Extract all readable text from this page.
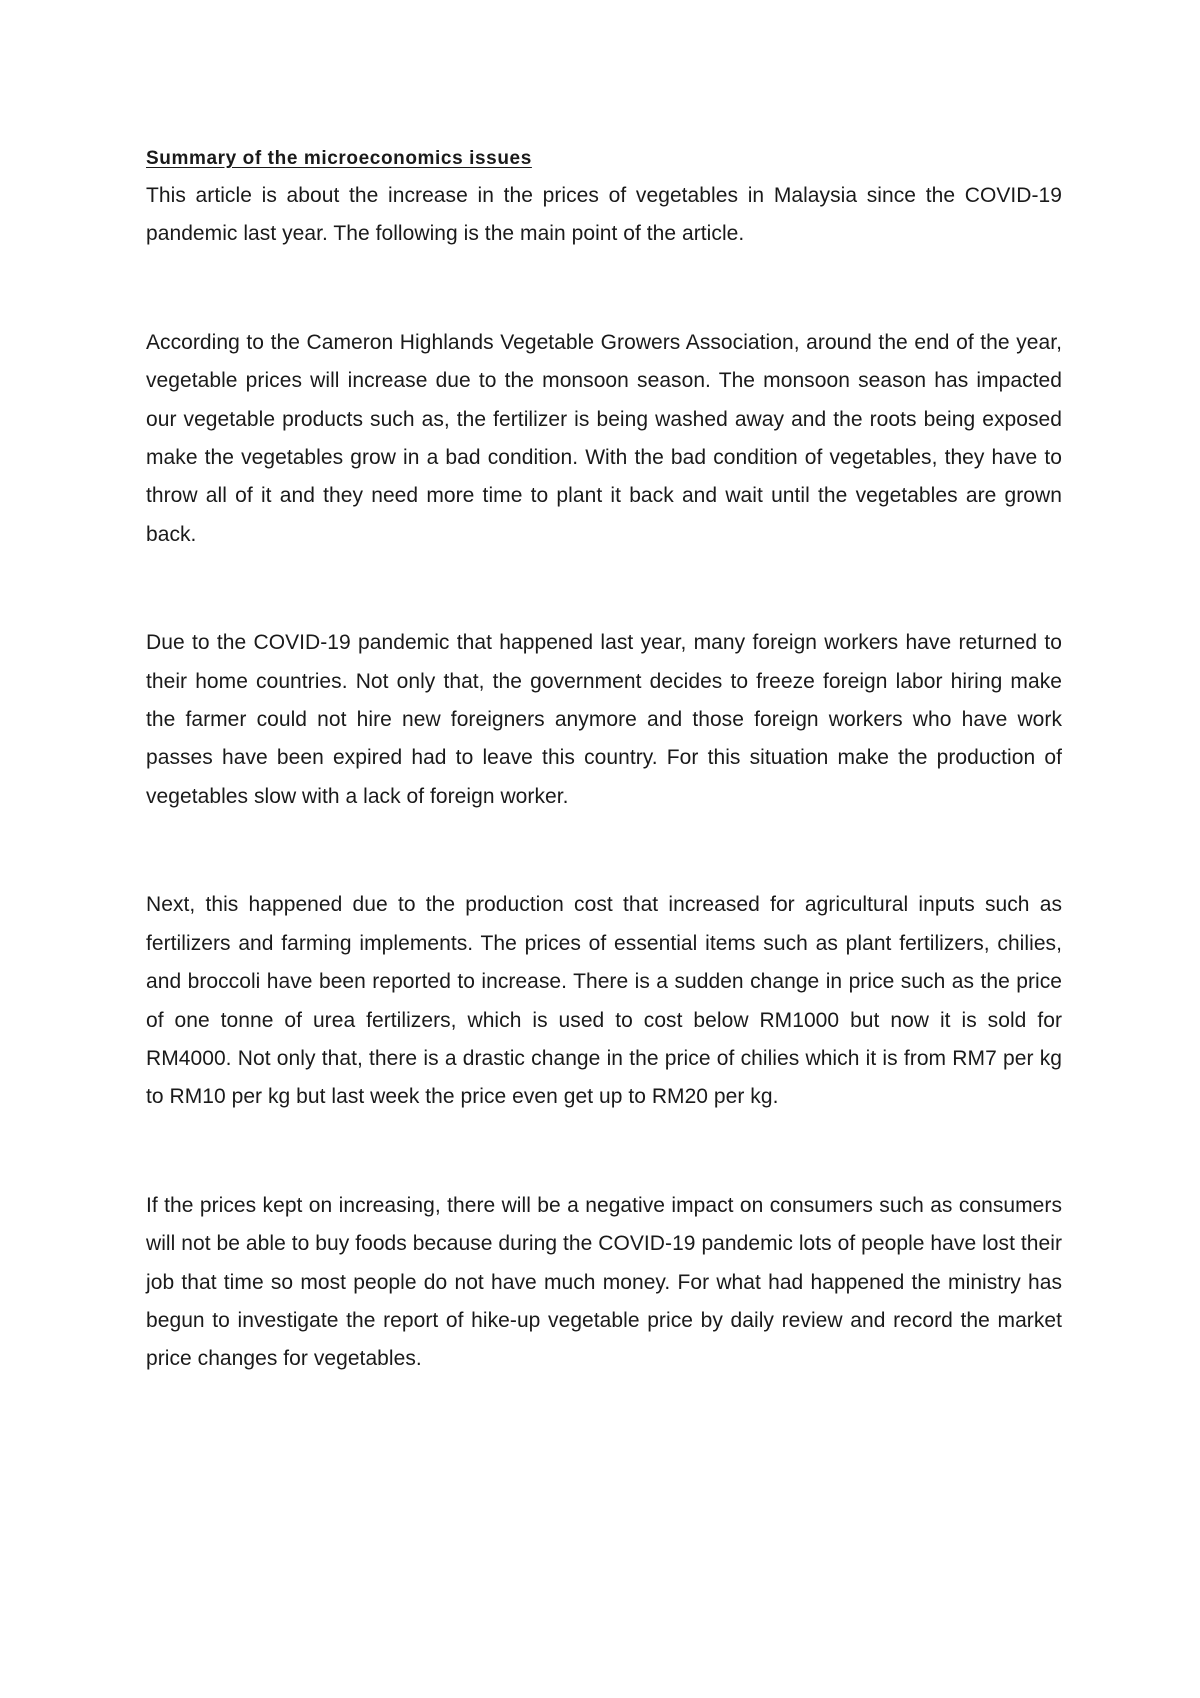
Summary of the microeconomics issues

This article is about the increase in the prices of vegetables in Malaysia since the COVID-19 pandemic last year. The following is the main point of the article.

According to the Cameron Highlands Vegetable Growers Association, around the end of the year, vegetable prices will increase due to the monsoon season. The monsoon season has impacted our vegetable products such as, the fertilizer is being washed away and the roots being exposed make the vegetables grow in a bad condition. With the bad condition of vegetables, they have to throw all of it and they need more time to plant it back and wait until the vegetables are grown back.

Due to the COVID-19 pandemic that happened last year, many foreign workers have returned to their home countries. Not only that, the government decides to freeze foreign labor hiring make the farmer could not hire new foreigners anymore and those foreign workers who have work passes have been expired had to leave this country. For this situation make the production of vegetables slow with a lack of foreign worker.

Next, this happened due to the production cost that increased for agricultural inputs such as fertilizers and farming implements. The prices of essential items such as plant fertilizers, chilies, and broccoli have been reported to increase. There is a sudden change in price such as the price of one tonne of urea fertilizers, which is used to cost below RM1000 but now it is sold for RM4000. Not only that, there is a drastic change in the price of chilies which it is from RM7 per kg to RM10 per kg but last week the price even get up to RM20 per kg.

If the prices kept on increasing, there will be a negative impact on consumers such as consumers will not be able to buy foods because during the COVID-19 pandemic lots of people have lost their job that time so most people do not have much money. For what had happened the ministry has begun to investigate the report of hike-up vegetable price by daily review and record the market price changes for vegetables.
